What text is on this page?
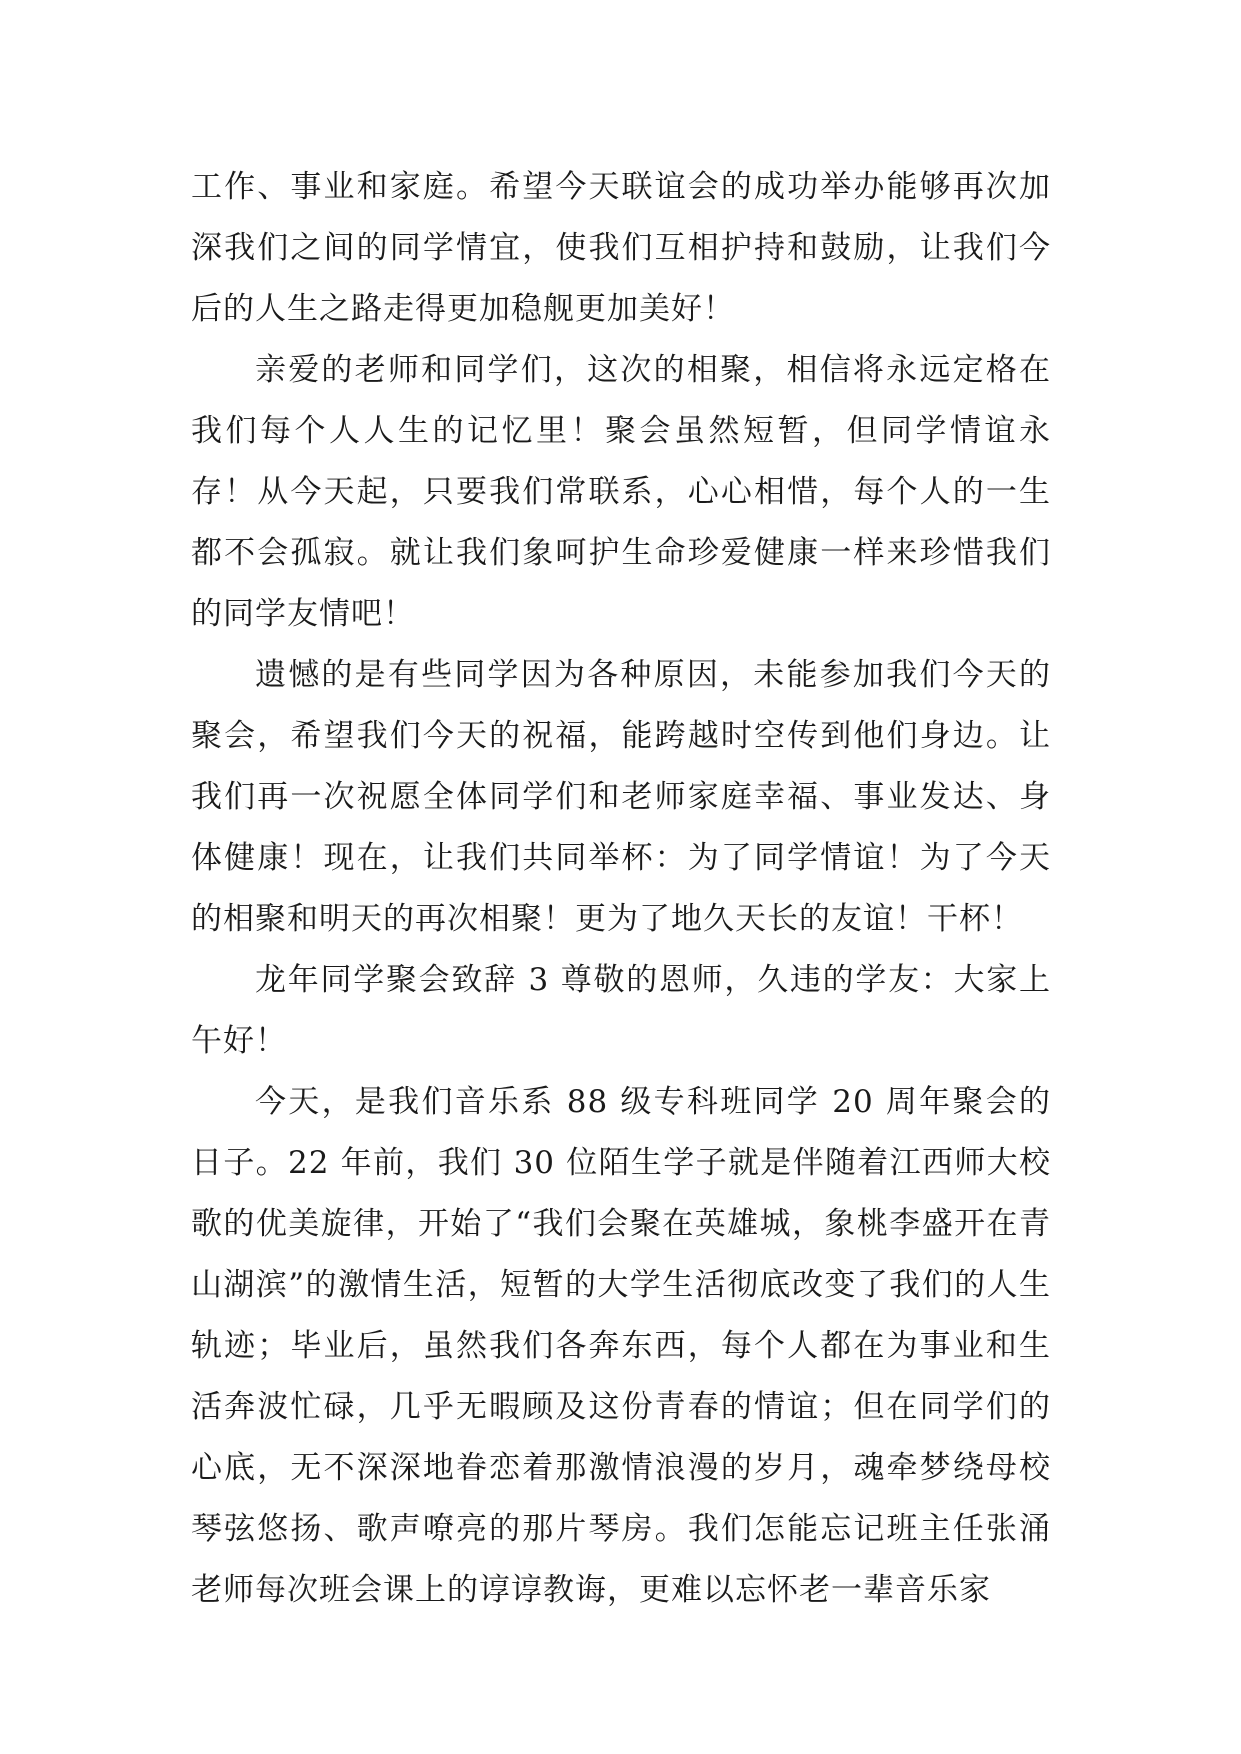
工作、事业和家庭。希望今天联谊会的成功举办能够再次加深我们之间的同学情宜，使我们互相护持和鼓励，让我们今后的人生之路走得更加稳舰更加美好！

亲爱的老师和同学们，这次的相聚，相信将永远定格在我们每个人人生的记忆里！聚会虽然短暂，但同学情谊永存！从今天起，只要我们常联系，心心相惜，每个人的一生都不会孤寂。就让我们象呵护生命珍爱健康一样来珍惜我们的同学友情吧！

遗憾的是有些同学因为各种原因，未能参加我们今天的聚会，希望我们今天的祝福，能跨越时空传到他们身边。让我们再一次祝愿全体同学们和老师家庭幸福、事业发达、身体健康！现在，让我们共同举杯：为了同学情谊！为了今天的相聚和明天的再次相聚！更为了地久天长的友谊！干杯！

龙年同学聚会致辞 3 尊敬的恩师，久违的学友：大家上午好！

今天，是我们音乐系 88 级专科班同学 20 周年聚会的日子。22 年前，我们 30 位陌生学子就是伴随着江西师大校歌的优美旋律，开始了“我们会聚在英雄城，象桃李盛开在青山湖滨”的激情生活，短暂的大学生活彻底改变了我们的人生轨迹；毕业后，虽然我们各奔东西，每个人都在为事业和生活奔波忙碌，几乎无暇顾及这份青春的情谊；但在同学们的心底，无不深深地眷恋着那激情浪漫的岁月，魂牵梦绕母校琴弦悠扬、歌声嘹亮的那片琴房。我们怎能忘记班主任张涌老师每次班会课上的谆谆教诲，更难以忘怀老一辈音乐家
